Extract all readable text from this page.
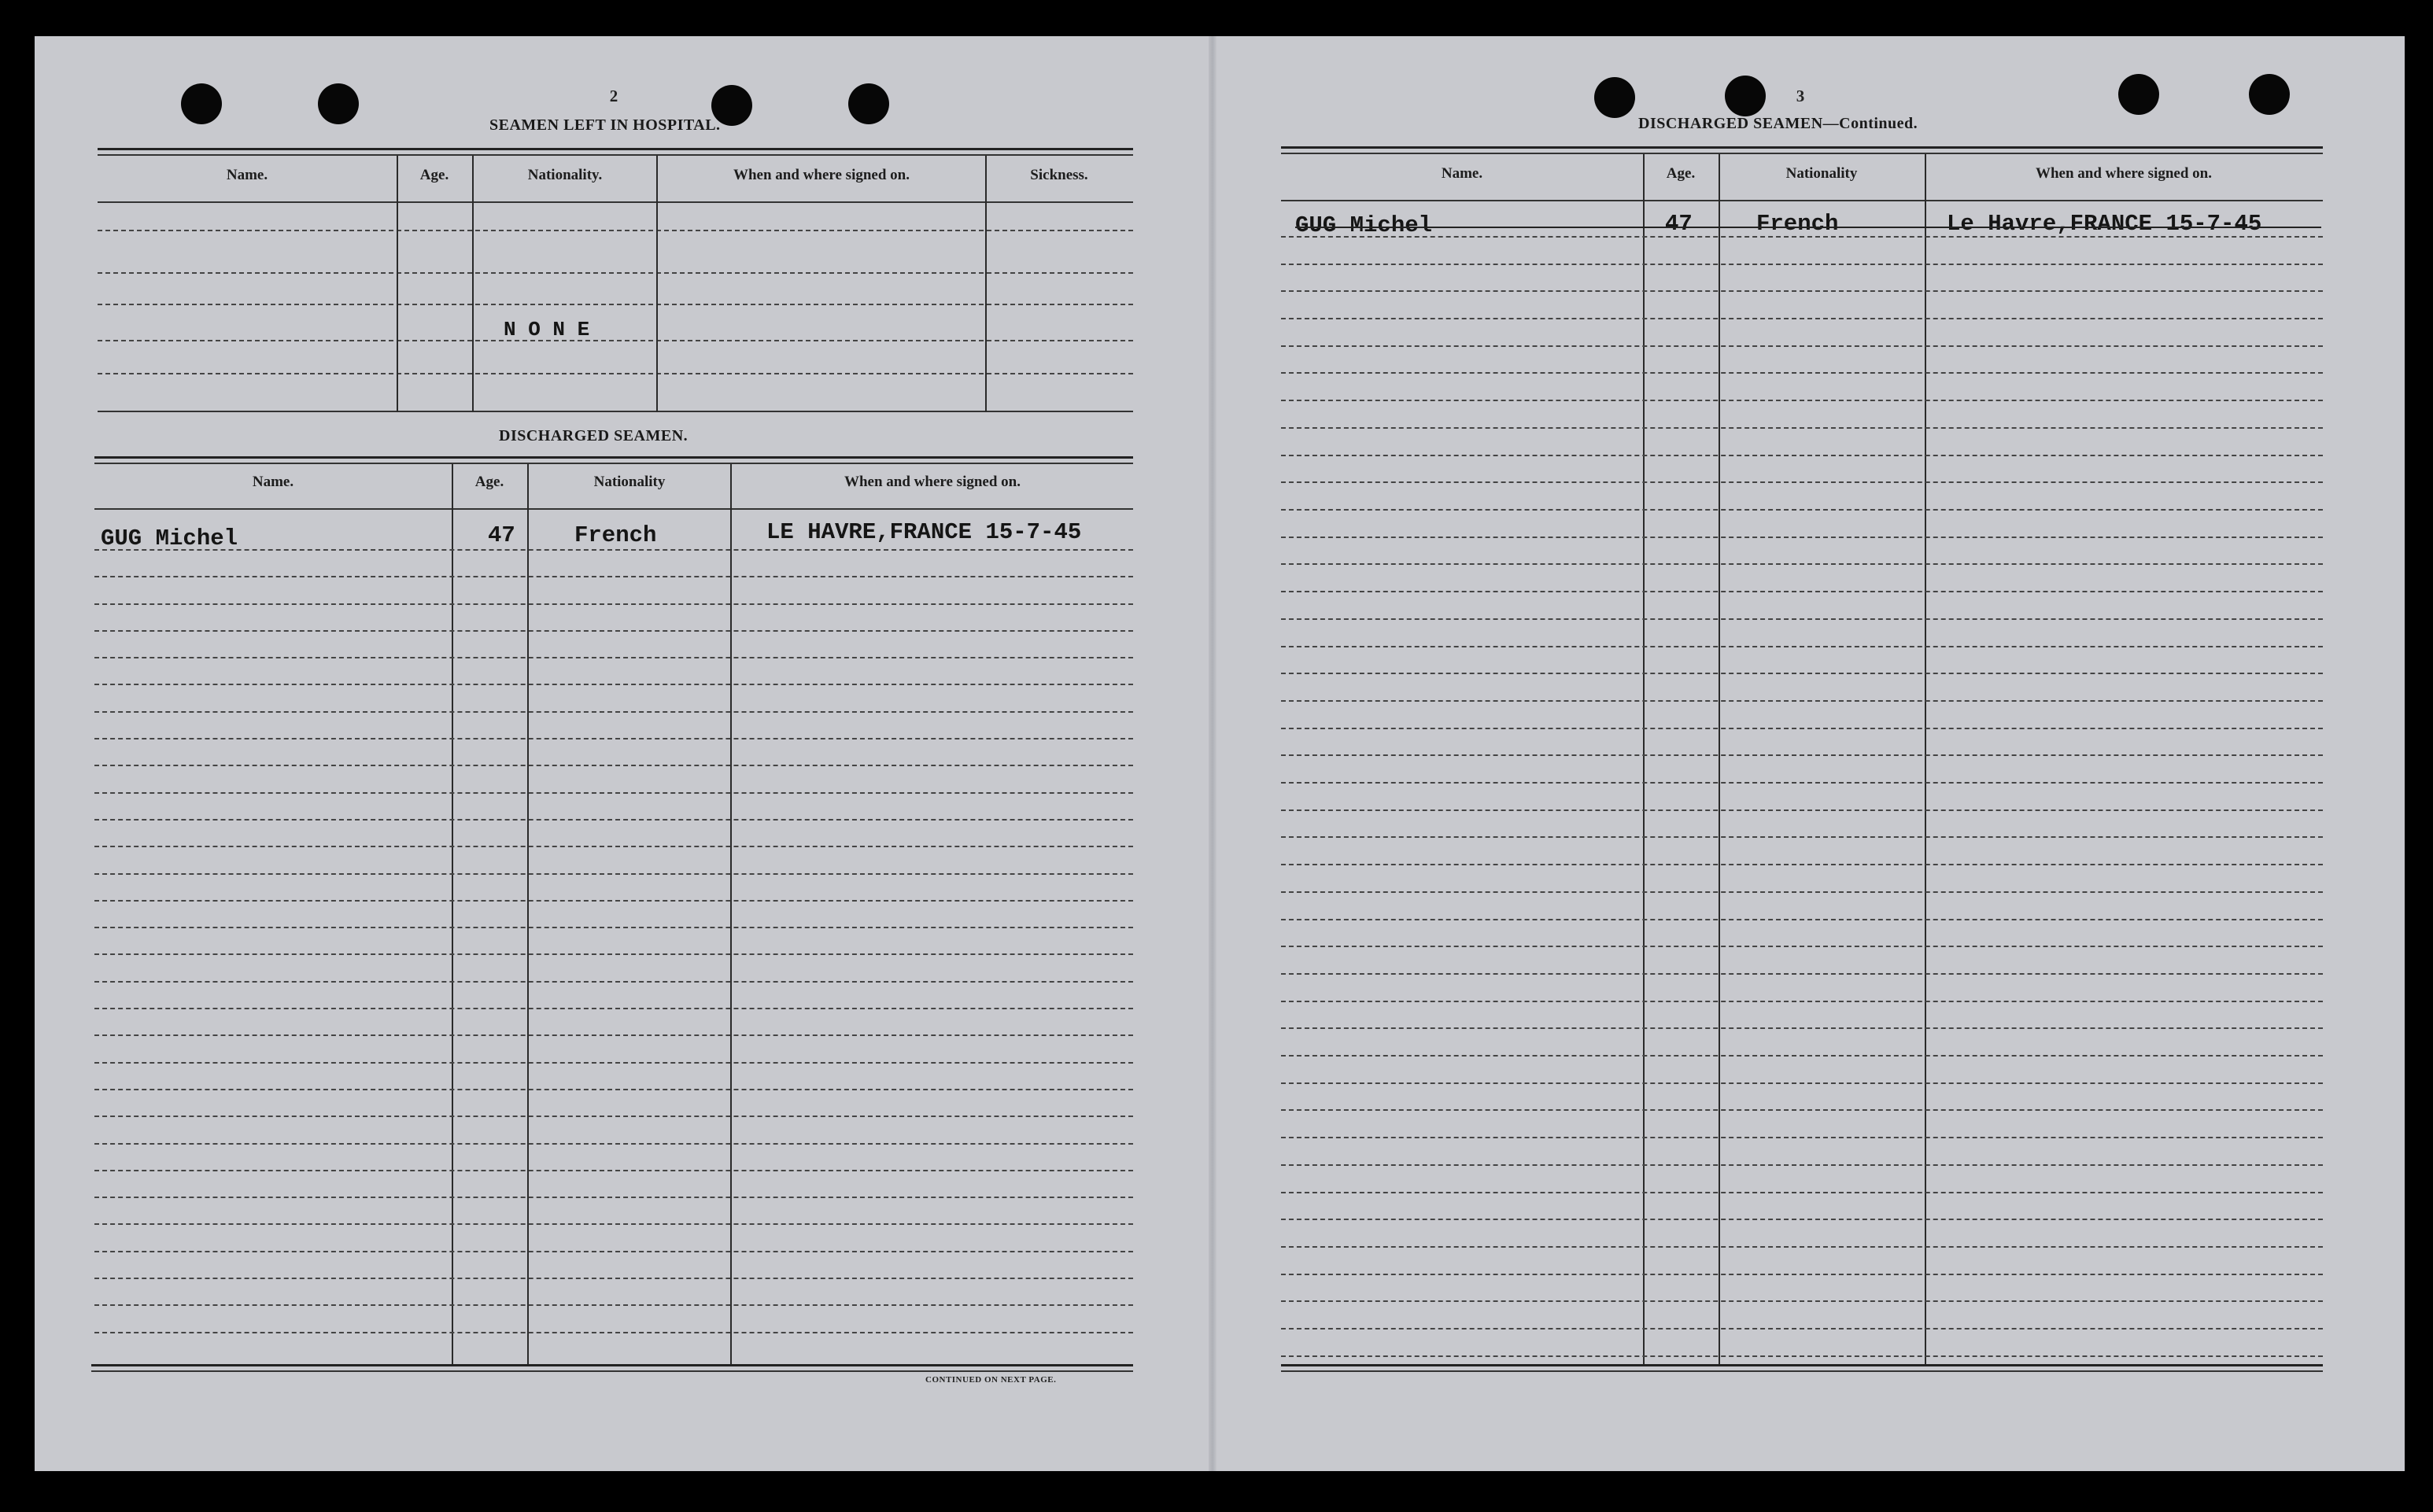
2
SEAMEN LEFT IN HOSPITAL.
Name.	Age.	Nationality.	When and where signed on.	Sickness.
N O N E
DISCHARGED SEAMEN.
Name.	Age.	Nationality	When and where signed on.
GUG Michel	47	French	LE HAVRE,FRANCE 15-7-45
CONTINUED ON NEXT PAGE.
3
DISCHARGED SEAMEN—Continued.
Name.	Age.	Nationality	When and where signed on.
GUG Michel	47	French	Le Havre,FRANCE 15-7-45
